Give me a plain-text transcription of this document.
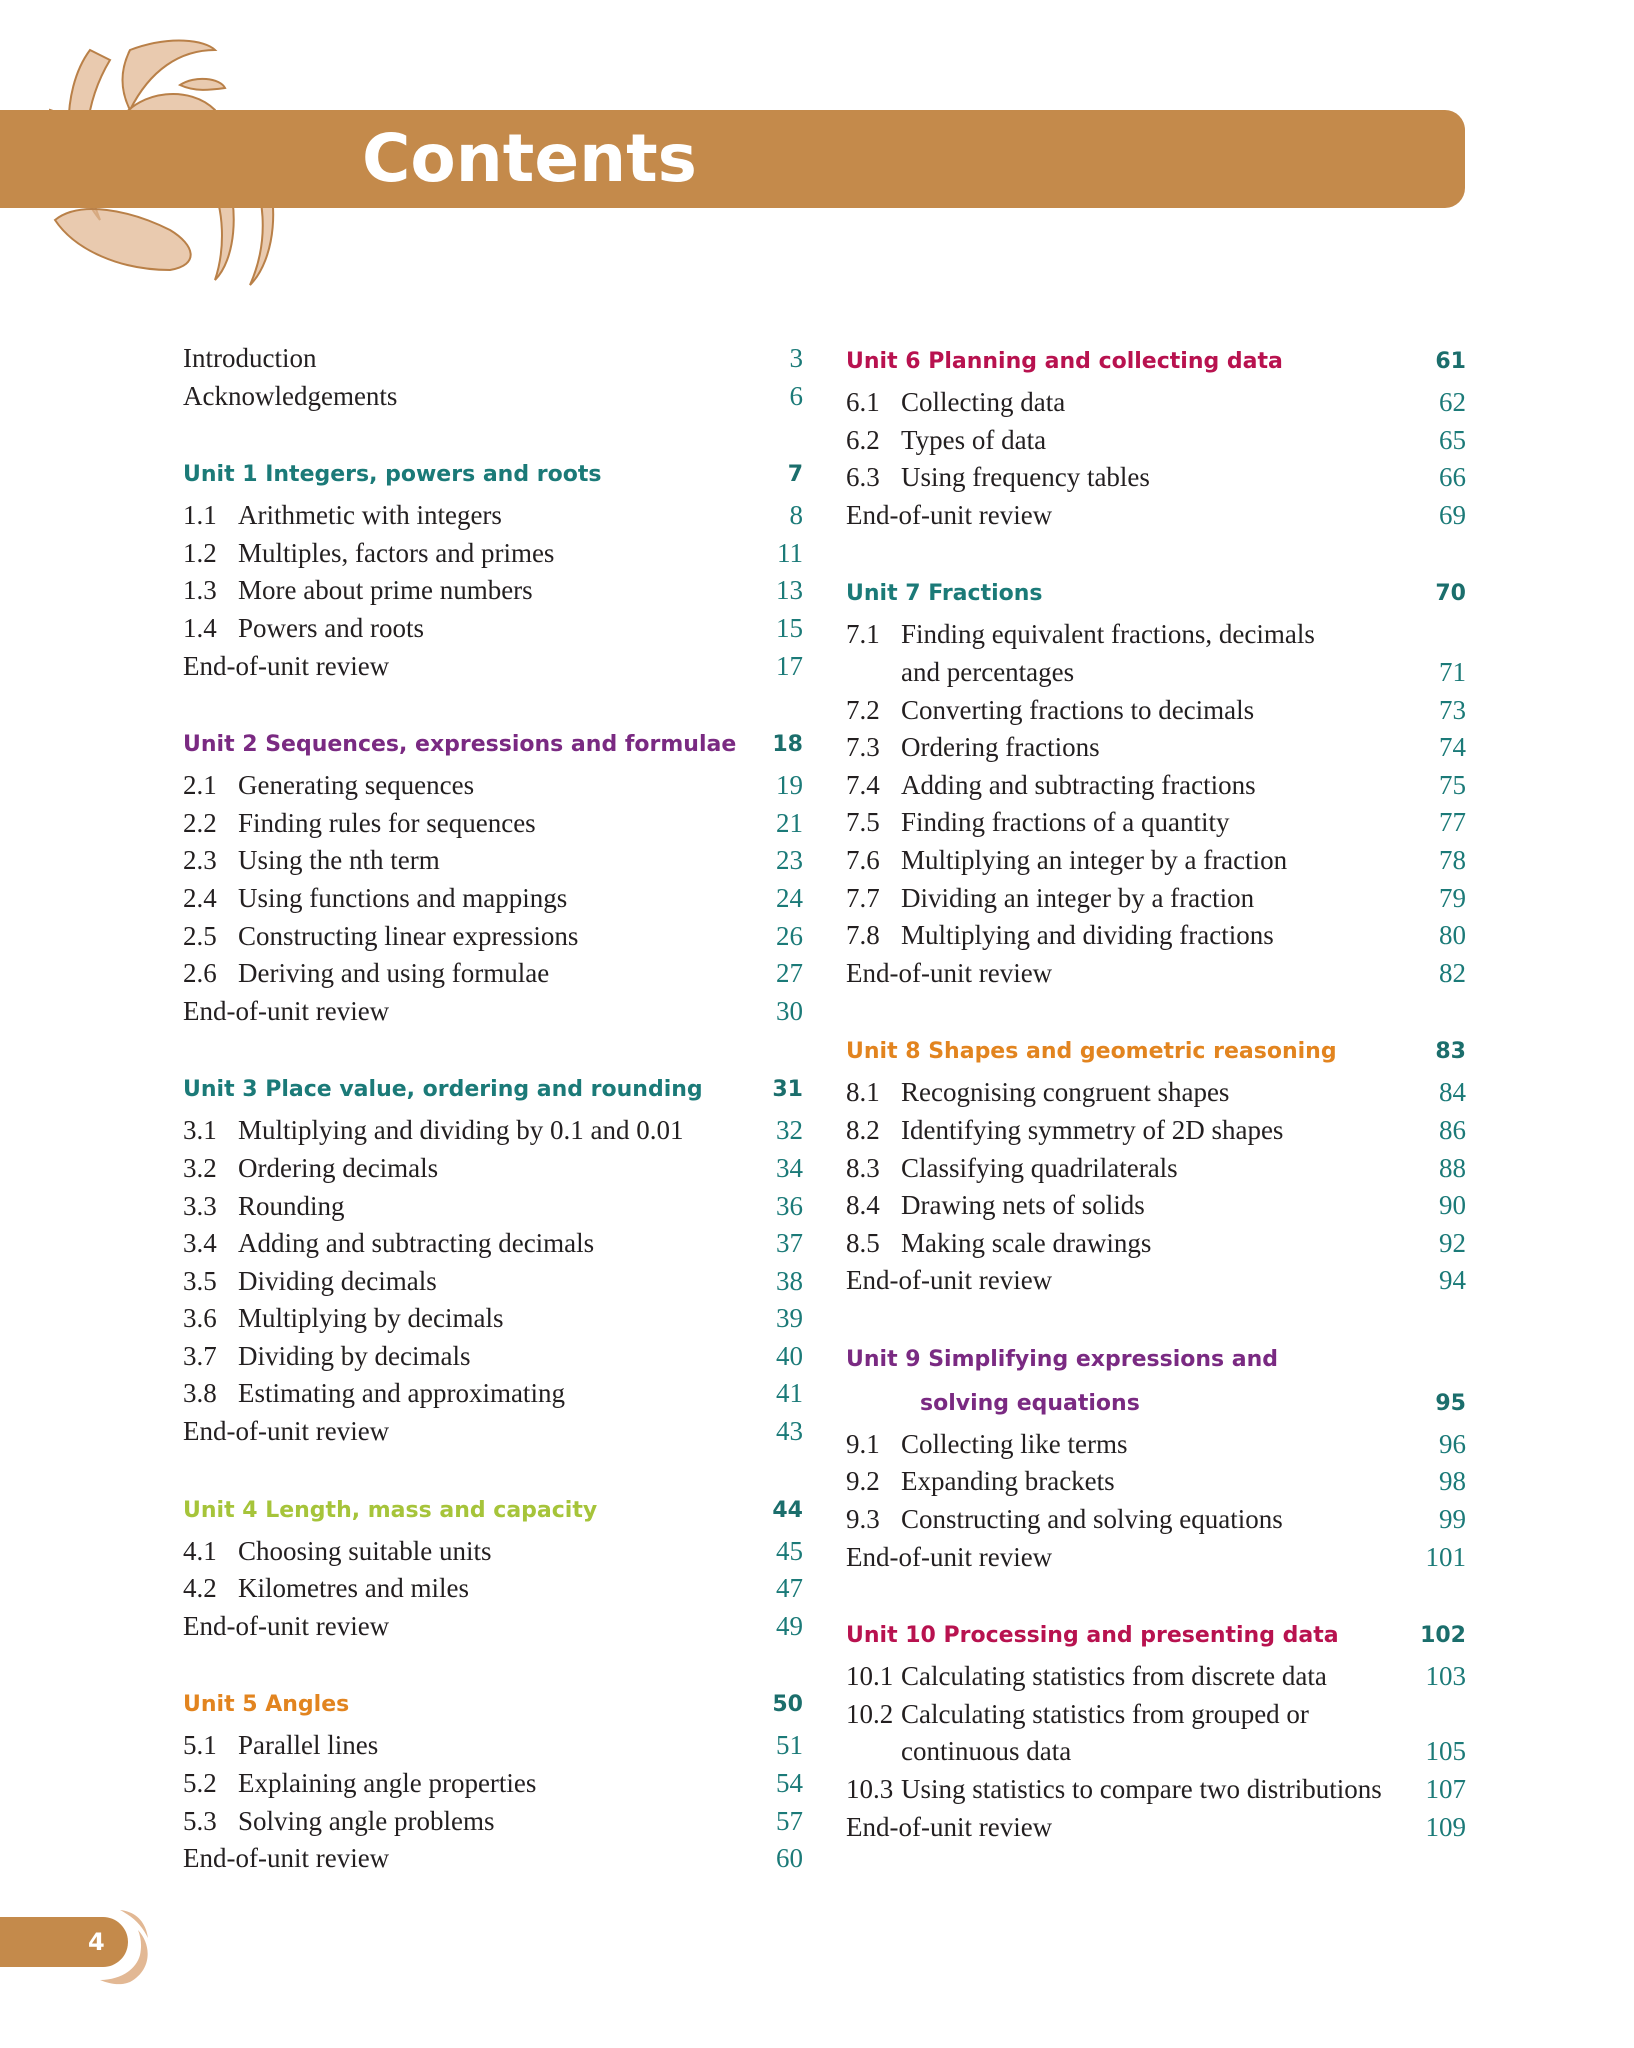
Contents
Introduction	3
Acknowledgements	6
Unit 1 Integers, powers and roots	7
1.1 Arithmetic with integers	8
1.2 Multiples, factors and primes	11
1.3 More about prime numbers	13
1.4 Powers and roots	15
End-of-unit review	17
Unit 2 Sequences, expressions and formulae 18
2.1 Generating sequences	19
2.2 Finding rules for sequences	21
2.3 Using the nth term	23
2.4 Using functions and mappings	24
2.5 Constructing linear expressions	26
2.6 Deriving and using formulae	27
End-of-unit review	30
Unit 3 Place value, ordering and rounding	31
3.1 Multiplying and dividing by 0.1 and 0.01	32
3.2 Ordering decimals	34
3.3 Rounding	36
3.4 Adding and subtracting decimals	37
3.5 Dividing decimals	38
3.6 Multiplying by decimals	39
3.7 Dividing by decimals	40
3.8 Estimating and approximating	41
End-of-unit review	43
Unit 4 Length, mass and capacity	44
4.1 Choosing suitable units	45
4.2 Kilometres and miles	47
End-of-unit review	49
Unit 5 Angles	50
5.1 Parallel lines	51
5.2 Explaining angle properties	54
5.3 Solving angle problems	57
End-of-unit review	60
Unit 6 Planning and collecting data	61
6.1 Collecting data	62
6.2 Types of data	65
6.3 Using frequency tables	66
End-of-unit review	69
Unit 7 Fractions	70
7.1 Finding equivalent fractions, decimals
and percentages	71
7.2 Converting fractions to decimals	73
7.3 Ordering fractions	74
7.4 Adding and subtracting fractions	75
7.5 Finding fractions of a quantity	77
7.6 Multiplying an integer by a fraction	78
7.7 Dividing an integer by a fraction	79
7.8 Multiplying and dividing fractions	80
End-of-unit review	82
Unit 8 Shapes and geometric reasoning	83
8.1 Recognising congruent shapes	84
8.2 Identifying symmetry of 2D shapes	86
8.3 Classifying quadrilaterals	88
8.4 Drawing nets of solids	90
8.5 Making scale drawings	92
End-of-unit review	94
Unit 9 Simplifying expressions and
solving equations	95
9.1 Collecting like terms	96
9.2 Expanding brackets	98
9.3 Constructing and solving equations	99
End-of-unit review	101
Unit 10 Processing and presenting data	102
10.1 Calculating statistics from discrete data	103
10.2 Calculating statistics from grouped or
continuous data	105
10.3 Using statistics to compare two distributions 107
End-of-unit review	109
4
